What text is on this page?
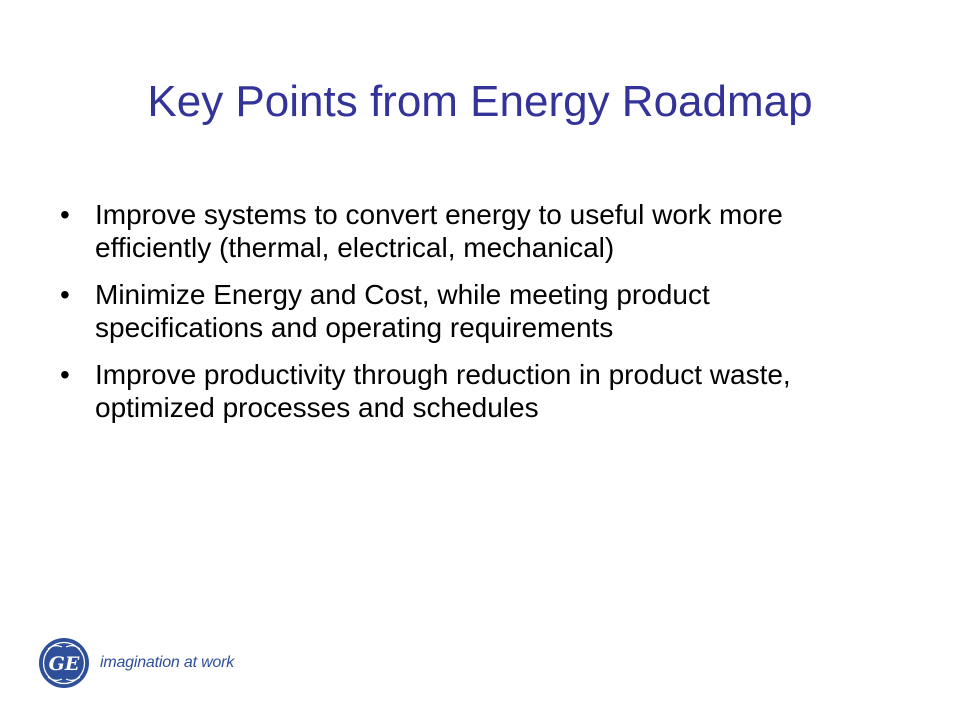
Key Points from Energy Roadmap
• Improve systems to convert energy to useful work more efficiently (thermal, electrical, mechanical)
• Minimize Energy and Cost, while meeting product specifications and operating requirements
• Improve productivity through reduction in product waste, optimized processes and schedules
GE imagination at work
